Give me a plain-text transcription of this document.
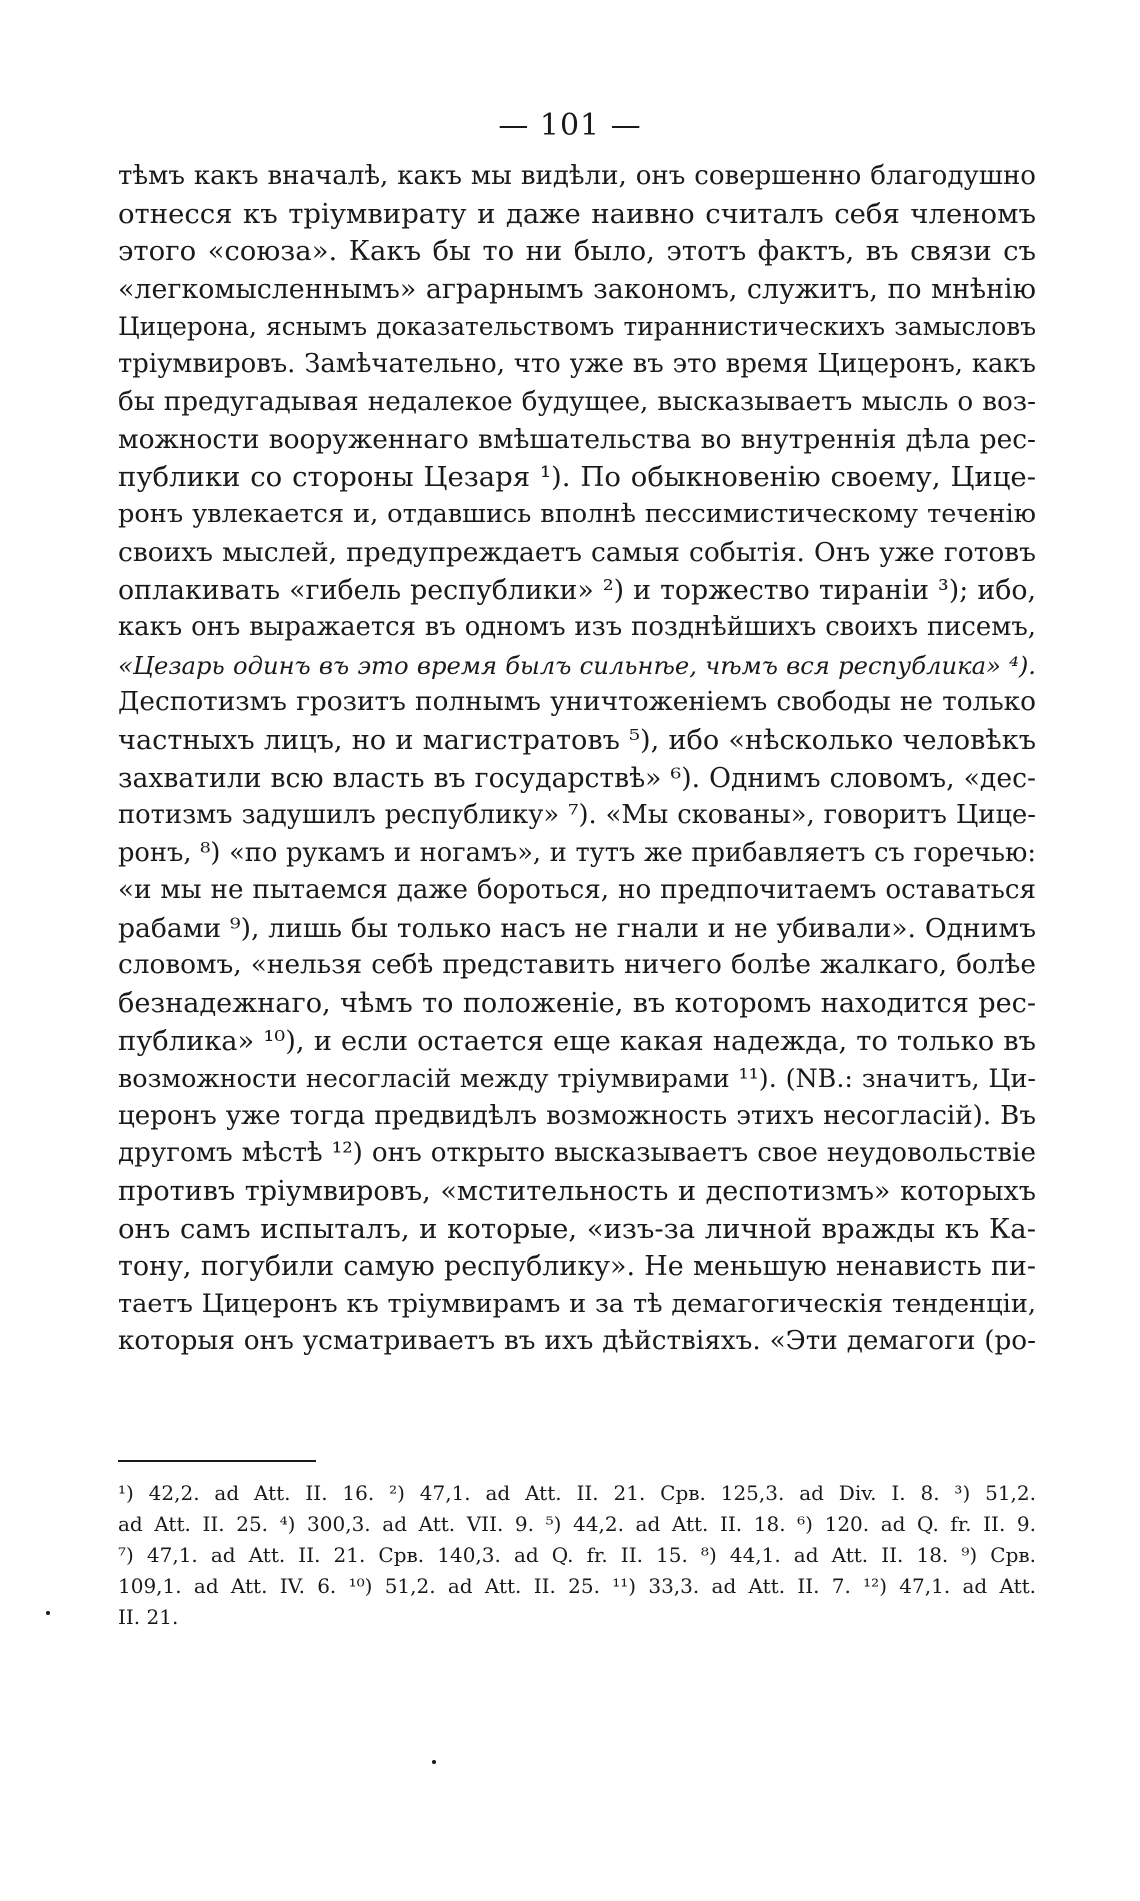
— 101 —
тѣмъ какъ вначалѣ, какъ мы видѣли, онъ совершенно благодушно
отнесся къ тріумвирату и даже наивно считалъ себя членомъ
этого «союза». Какъ бы то ни было, этотъ фактъ, въ связи съ
«легкомысленнымъ» аграрнымъ закономъ, служитъ, по мнѣнію
Цицерона, яснымъ доказательствомъ тираннистическихъ замысловъ
тріумвировъ. Замѣчательно, что уже въ это время Цицеронъ, какъ
бы предугадывая недалекое будущее, высказываетъ мысль о воз-
можности вооруженнаго вмѣшательства во внутреннія дѣла рес-
публики со стороны Цезаря ¹). По обыкновенію своему, Цице-
ронъ увлекается и, отдавшись вполнѣ пессимистическому теченію
своихъ мыслей, предупреждаетъ самыя событія. Онъ уже готовъ
оплакивать «гибель республики» ²) и торжество тираніи ³); ибо,
какъ онъ выражается въ одномъ изъ позднѣйшихъ своихъ писемъ,
«Цезарь одинъ въ это время былъ сильнѣе, чѣмъ вся республика» ⁴).
Деспотизмъ грозитъ полнымъ уничтоженіемъ свободы не только
частныхъ лицъ, но и магистратовъ ⁵), ибо «нѣсколько человѣкъ
захватили всю власть въ государствѣ» ⁶). Однимъ словомъ, «дес-
потизмъ задушилъ республику» ⁷). «Мы скованы», говоритъ Цице-
ронъ, ⁸) «по рукамъ и ногамъ», и тутъ же прибавляетъ съ горечью:
«и мы не пытаемся даже бороться, но предпочитаемъ оставаться
рабами ⁹), лишь бы только насъ не гнали и не убивали». Однимъ
словомъ, «нельзя себѣ представить ничего болѣе жалкаго, болѣе
безнадежнаго, чѣмъ то положеніе, въ которомъ находится рес-
публика» ¹⁰), и если остается еще какая надежда, то только въ
возможности несогласій между тріумвирами ¹¹). (NB.: значитъ, Ци-
церонъ уже тогда предвидѣлъ возможность этихъ несогласій). Въ
другомъ мѣстѣ ¹²) онъ открыто высказываетъ свое неудовольствіе
противъ тріумвировъ, «мстительность и деспотизмъ» которыхъ
онъ самъ испыталъ, и которые, «изъ-за личной вражды къ Ка-
тону, погубили самую республику». Не меньшую ненависть пи-
таетъ Цицеронъ къ тріумвирамъ и за тѣ демагогическія тенденціи,
которыя онъ усматриваетъ въ ихъ дѣйствіяхъ. «Эти демагоги (ро-
¹) 42,2. ad Att. II. 16. ²) 47,1. ad Att. II. 21. Срв. 125,3. ad Div. I. 8. ³) 51,2.
ad Att. II. 25. ⁴) 300,3. ad Att. VII. 9. ⁵) 44,2. ad Att. II. 18. ⁶) 120. ad Q. fr. II. 9.
⁷) 47,1. ad Att. II. 21. Срв. 140,3. ad Q. fr. II. 15. ⁸) 44,1. ad Att. II. 18. ⁹) Срв.
109,1. ad Att. IV. 6. ¹⁰) 51,2. ad Att. II. 25. ¹¹) 33,3. ad Att. II. 7. ¹²) 47,1. ad Att.
II. 21.
